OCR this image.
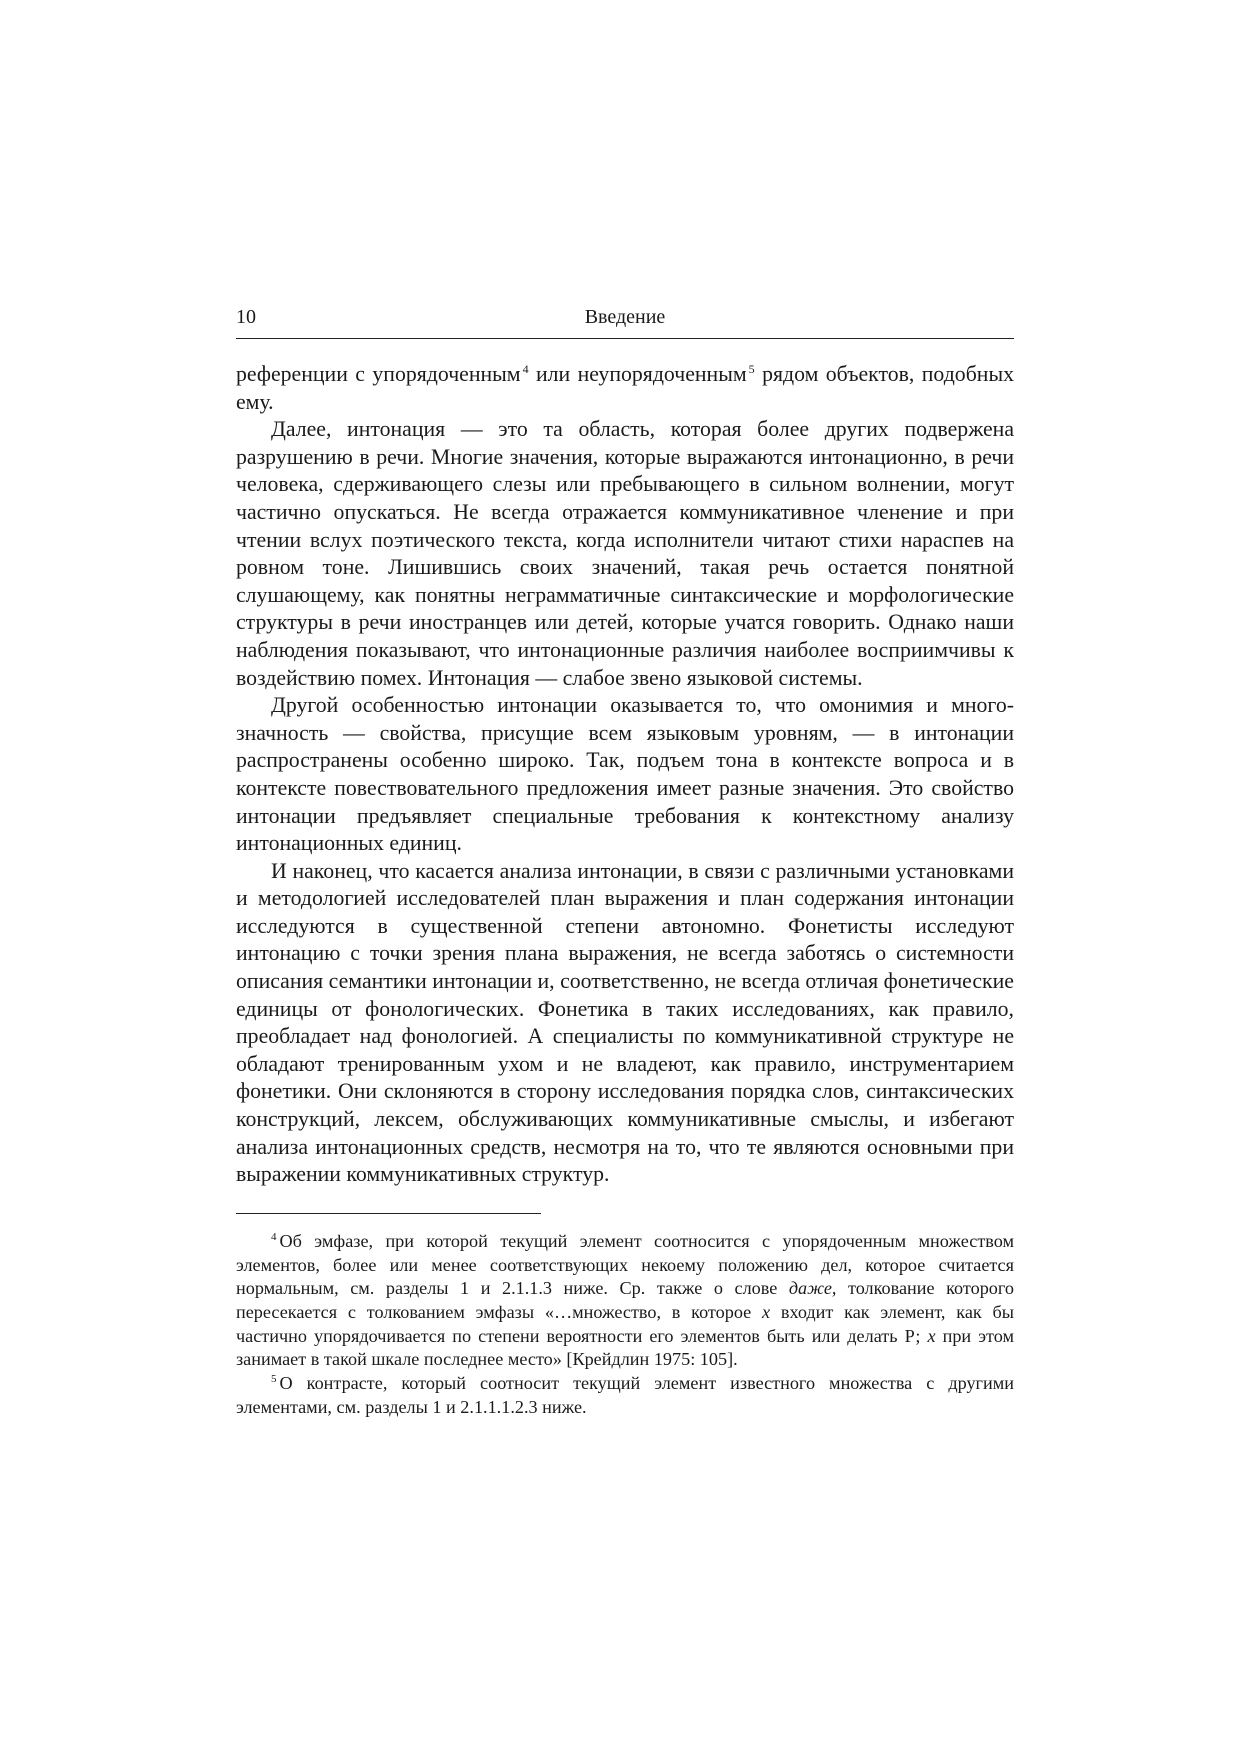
10	Введение

референции с упорядоченным $^4$ или неупорядоченным $^5$ рядом объектов, подобных ему.

Далее, интонация — это та область, которая более других подвержена разрушению в речи. Многие значения, которые выражаются интонационно, в речи человека, сдерживающего слезы или пребывающего в сильном волнении, могут частично опускаться. Не всегда отражается коммуникативное членение и при чтении вслух поэтического текста, когда исполнители читают стихи нараспев на ровном тоне. Лишившись своих значений, такая речь остается понятной слушающему, как понятны неграмматичные синтаксические и морфологические структуры в речи иностранцев или детей, которые учатся говорить. Однако наши наблюдения показывают, что интонационные различия наиболее восприимчивы к воздействию помех. Интонация — слабое звено языковой системы.

Другой особенностью интонации оказывается то, что омонимия и многозначность — свойства, присущие всем языковым уровням, — в интонации распространены особенно широко. Так, подъем тона в контексте вопроса и в контексте повествовательного предложения имеет разные значения. Это свойство интонации предъявляет специальные требования к контекстному анализу интонационных единиц.

И наконец, что касается анализа интонации, в связи с различными установками и методологией исследователей план выражения и план содержания интонации исследуются в существенной степени автономно. Фонетисты исследуют интонацию с точки зрения плана выражения, не всегда заботясь о системности описания семантики интонации и, соответственно, не всегда отличая фонетические единицы от фонологических. Фонетика в таких исследованиях, как правило, преобладает над фонологией. А специалисты по коммуникативной структуре не обладают тренированным ухом и не владеют, как правило, инструментарием фонетики. Они склоняются в сторону исследования порядка слов, синтаксических конструкций, лексем, обслуживающих коммуникативные смыслы, и избегают анализа интонационных средств, несмотря на то, что те являются основными при выражении коммуникативных структур.

$^4$ Об эмфазе, при которой текущий элемент соотносится с упорядоченным множеством элементов, более или менее соответствующих некоему положению дел, которое считается нормальным, см. разделы 1 и 2.1.1.3 ниже. Ср. также о слове даже, толкование которого пересекается с толкованием эмфазы «…множество, в которое x входит как элемент, как бы частично упорядочивается по степени вероятности его элементов быть или делать Р; x при этом занимает в такой шкале последнее место» [Крейдлин 1975: 105].

$^5$ О контрасте, который соотносит текущий элемент известного множества с другими элементами, см. разделы 1 и 2.1.1.1.2.3 ниже.
